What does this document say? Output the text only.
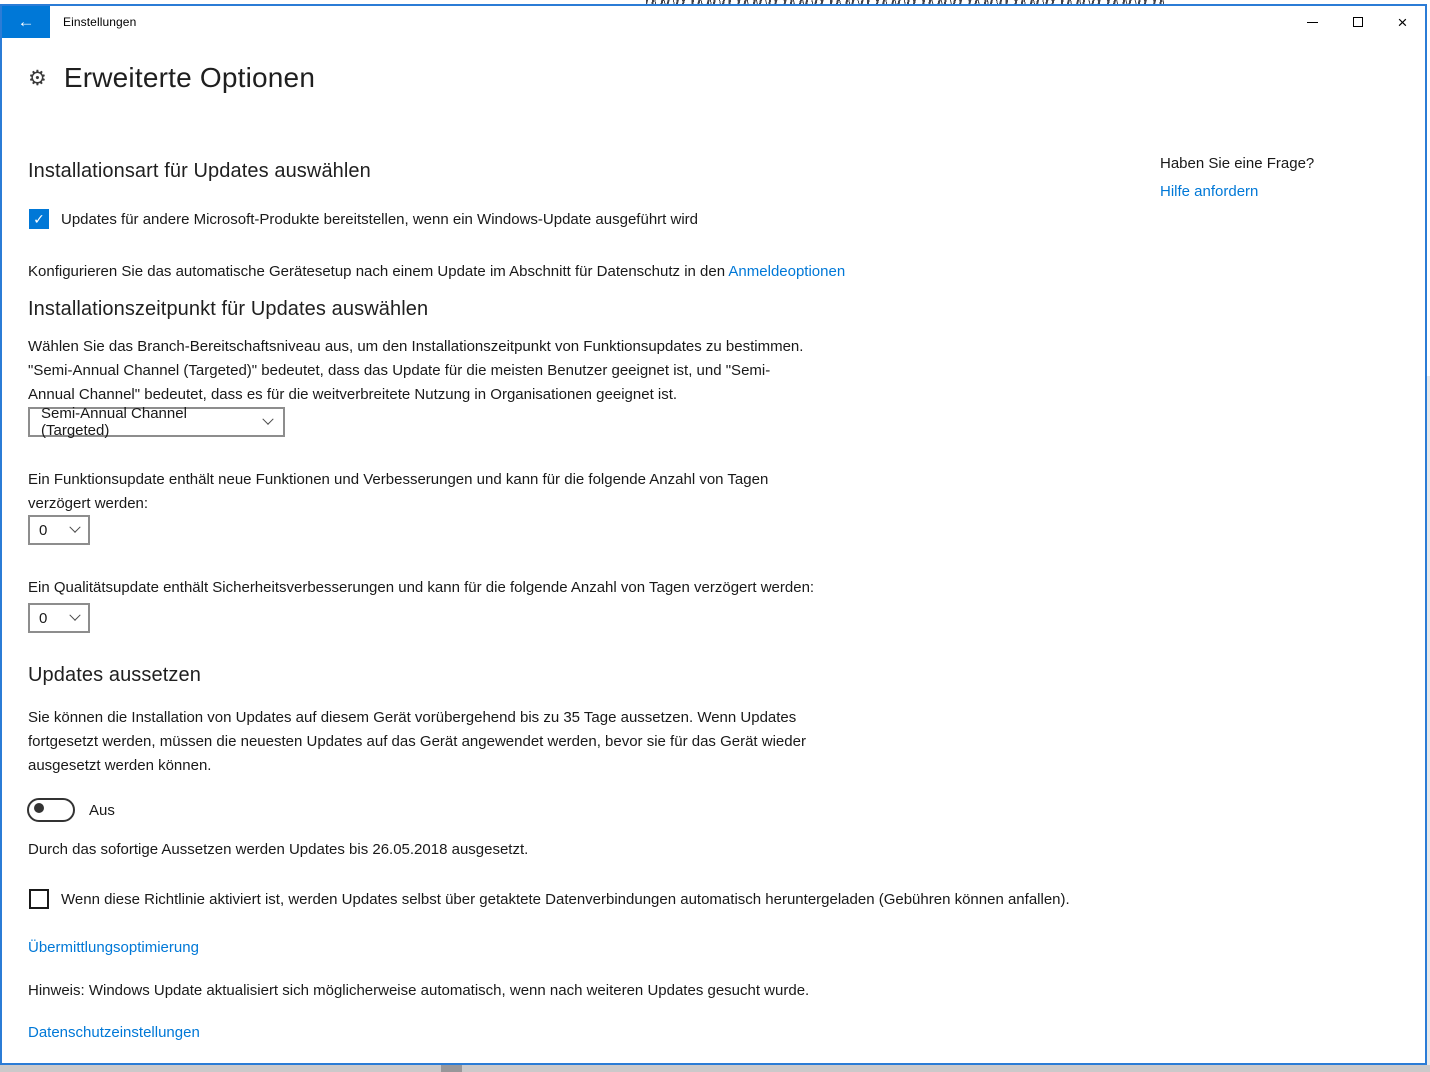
←	Einstellungen	×
⚙ Erweiterte Optionen

Haben Sie eine Frage?

Hilfe anfordern
Installationsart für Updates auswählen
✓ Updates für andere Microsoft-Produkte bereitstellen, wenn ein Windows-Update ausgeführt wird

Konfigurieren Sie das automatische Gerätesetup nach einem Update im Abschnitt für Datenschutz in den Anmeldeoptionen

Installationszeitpunkt für Updates auswählen

Wählen Sie das Branch-Bereitschaftsniveau aus, um den Installationszeitpunkt von Funktionsupdates zu bestimmen. "Semi-Annual Channel (Targeted)" bedeutet, dass das Update für die meisten Benutzer geeignet ist, und "Semi-Annual Channel" bedeutet, dass es für die weitverbreitete Nutzung in Organisationen geeignet ist.

Semi-Annual Channel (Targeted)

Ein Funktionsupdate enthält neue Funktionen und Verbesserungen und kann für die folgende Anzahl von Tagen verzögert werden:

0

Ein Qualitätsupdate enthält Sicherheitsverbesserungen und kann für die folgende Anzahl von Tagen verzögert werden:

0
Updates aussetzen

Sie können die Installation von Updates auf diesem Gerät vorübergehend bis zu 35 Tage aussetzen. Wenn Updates fortgesetzt werden, müssen die neuesten Updates auf das Gerät angewendet werden, bevor sie für das Gerät wieder ausgesetzt werden können.

Aus

Durch das sofortige Aussetzen werden Updates bis 26.05.2018 ausgesetzt.

Wenn diese Richtlinie aktiviert ist, werden Updates selbst über getaktete Datenverbindungen automatisch heruntergeladen (Gebühren können anfallen).
Übermittlungsoptimierung

Hinweis: Windows Update aktualisiert sich möglicherweise automatisch, wenn nach weiteren Updates gesucht wurde.

Datenschutzeinstellungen
